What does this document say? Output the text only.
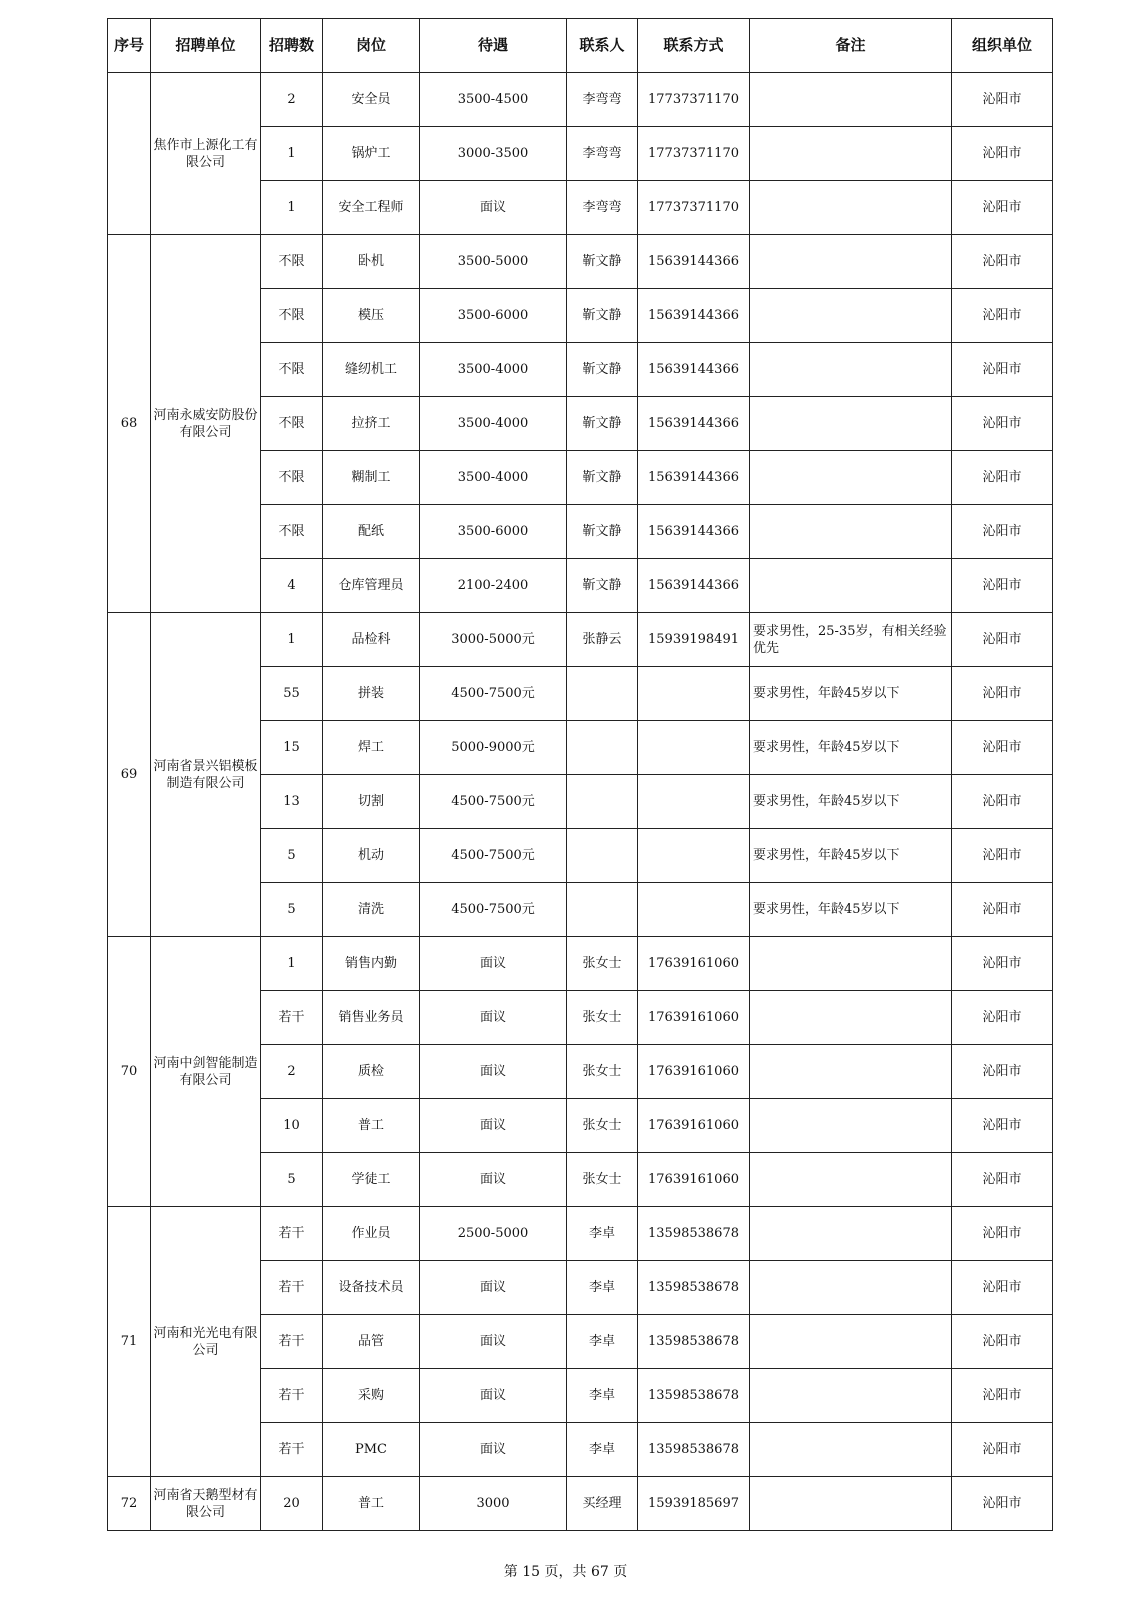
序号	招聘单位	招聘数	岗位	待遇	联系人	联系方式	备注	组织单位
	焦作市上源化工有限公司	2	安全员	3500-4500	李弯弯	17737371170		沁阳市
		1	锅炉工	3000-3500	李弯弯	17737371170		沁阳市
		1	安全工程师	面议	李弯弯	17737371170		沁阳市
68	河南永威安防股份有限公司	不限	卧机	3500-5000	靳文静	15639144366		沁阳市
		不限	模压	3500-6000	靳文静	15639144366		沁阳市
		不限	缝纫机工	3500-4000	靳文静	15639144366		沁阳市
		不限	拉挤工	3500-4000	靳文静	15639144366		沁阳市
		不限	糊制工	3500-4000	靳文静	15639144366		沁阳市
		不限	配纸	3500-6000	靳文静	15639144366		沁阳市
		4	仓库管理员	2100-2400	靳文静	15639144366		沁阳市
69	河南省景兴铝模板制造有限公司	1	品检科	3000-5000元	张静云	15939198491	要求男性，25-35岁，有相关经验优先	沁阳市
		55	拼装	4500-7500元			要求男性，年龄45岁以下	沁阳市
		15	焊工	5000-9000元			要求男性，年龄45岁以下	沁阳市
		13	切割	4500-7500元			要求男性，年龄45岁以下	沁阳市
		5	机动	4500-7500元			要求男性，年龄45岁以下	沁阳市
		5	清洗	4500-7500元			要求男性，年龄45岁以下	沁阳市
70	河南中剑智能制造有限公司	1	销售内勤	面议	张女士	17639161060		沁阳市
		若干	销售业务员	面议	张女士	17639161060		沁阳市
		2	质检	面议	张女士	17639161060		沁阳市
		10	普工	面议	张女士	17639161060		沁阳市
		5	学徒工	面议	张女士	17639161060		沁阳市
71	河南和光光电有限公司	若干	作业员	2500-5000	李卓	13598538678		沁阳市
		若干	设备技术员	面议	李卓	13598538678		沁阳市
		若干	品管	面议	李卓	13598538678		沁阳市
		若干	采购	面议	李卓	13598538678		沁阳市
		若干	PMC	面议	李卓	13598538678		沁阳市
72	河南省天鹅型材有限公司	20	普工	3000	买经理	15939185697		沁阳市
第 15 页，共 67 页
